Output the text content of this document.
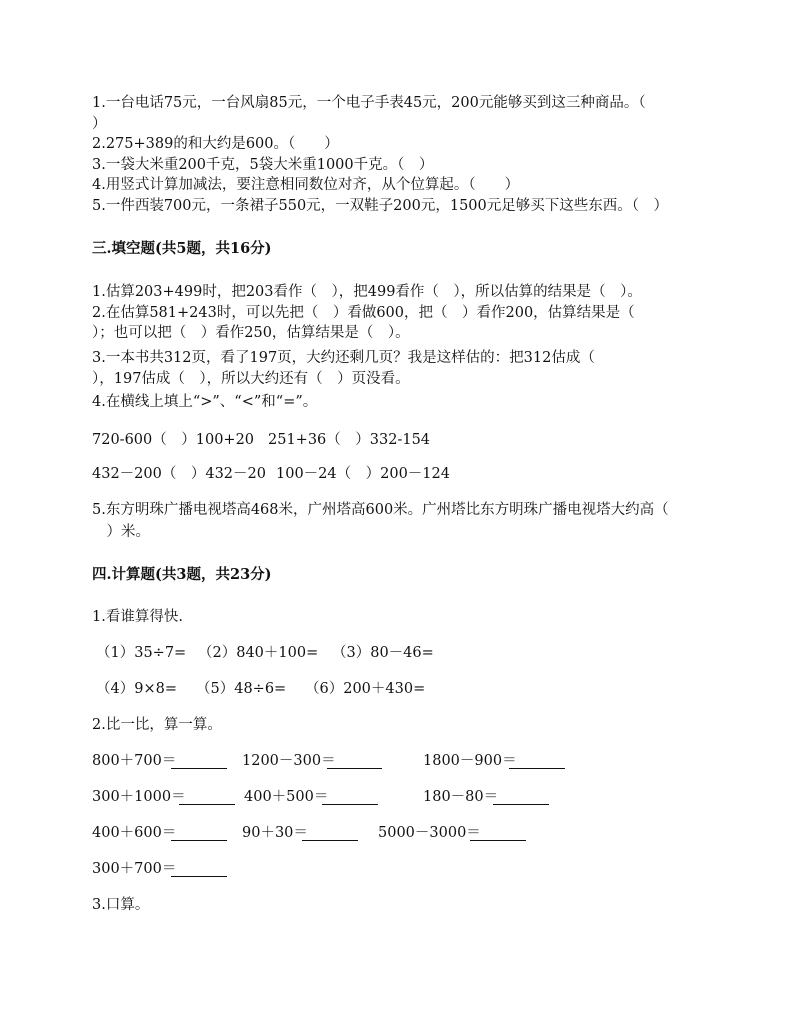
1.一台电话75元，一台风扇85元，一个电子手表45元，200元能够买到这三种商品。（
）
2.275+389的和大约是600。（　　）
3.一袋大米重200千克，5袋大米重1000千克。（　）
4.用竖式计算加减法，要注意相同数位对齐，从个位算起。（　　）
5.一件西装700元，一条裙子550元，一双鞋子200元，1500元足够买下这些东西。（　）
三.填空题(共5题，共16分)
1.估算203+499时，把203看作（　），把499看作（　），所以估算的结果是（　）。
2.在估算581+243时，可以先把（　）看做600，把（　）看作200，估算结果是（
）；也可以把（　）看作250，估算结果是（　）。
3.一本书共312页，看了197页，大约还剩几页？我是这样估的：把312估成（
），197估成（　），所以大约还有（　）页没看。
4.在横线上填上“>”、“<”和“=”。
720-600（　）100+20 251+36（　）332-154
432－200（　）432－20 100－24（　）200－124
5.东方明珠广播电视塔高468米，广州塔高600米。广州塔比东方明珠广播电视塔大约高（
　）米。
四.计算题(共3题，共23分)
1.看谁算得快.
（1）35÷7= （2）840＋100= （3）80－46=
（4）9×8= （5）48÷6= （6）200＋430=
2.比一比，算一算。
800＋700＝	1200－300＝	1800－900＝
300＋1000＝	400＋500＝	180－80＝
400＋600＝	90＋30＝	5000－3000＝
300＋700＝
3.口算。
